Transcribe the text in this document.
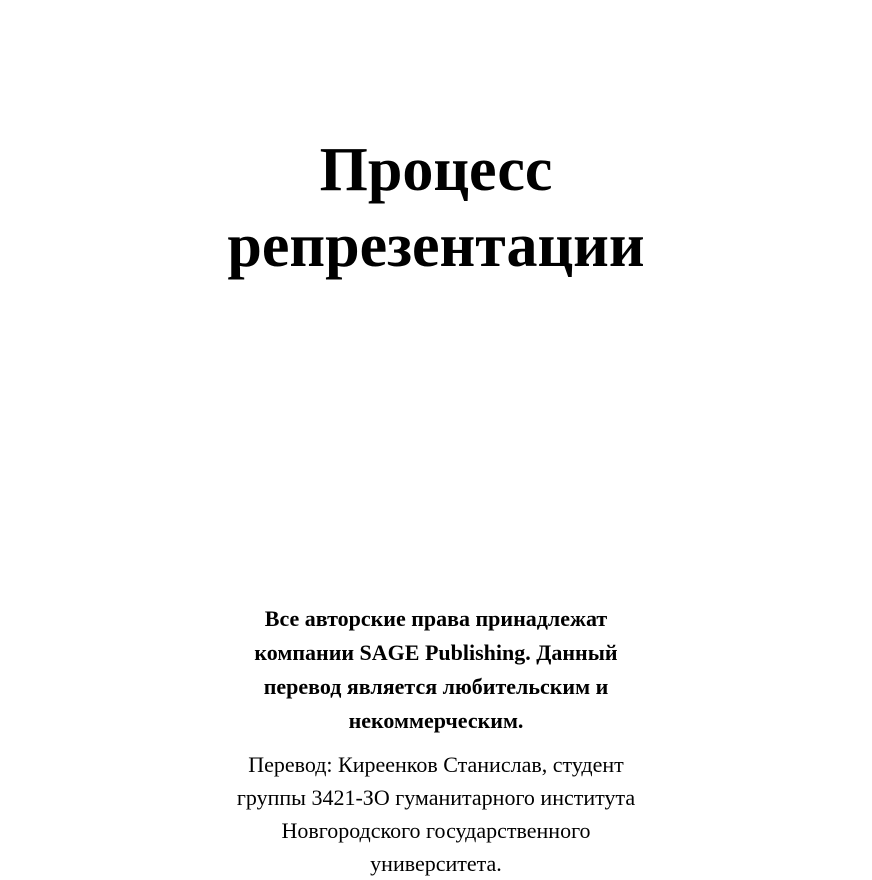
Процесс
репрезентации

Все авторские права принадлежат
компании SAGE Publishing. Данный
перевод является любительским и
некоммерческим.

Перевод: Киреенков Станислав, студент
группы 3421-ЗО гуманитарного института
Новгородского государственного
университета.
